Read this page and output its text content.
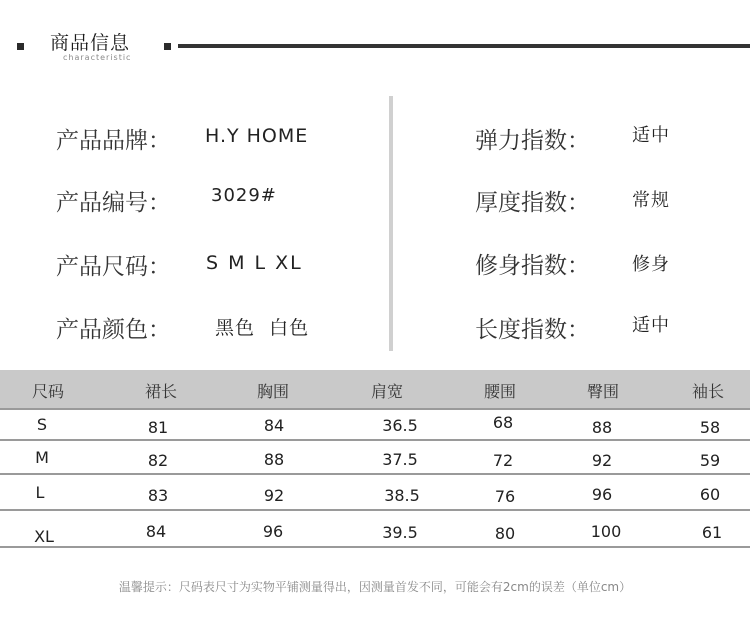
商品信息
characteristic
产品品牌： H.Y HOME
产品编号： 3029#
产品尺码： S M L XL
产品颜色： 黑色  白色
弹力指数： 适中
厚度指数： 常规
修身指数： 修身
长度指数： 适中
尺码	裙长	胸围	肩宽	腰围	臀围	袖长
S	81	84	36.5	68	88	58
M	82	88	37.5	72	92	59
L	83	92	38.5	76	96	60
XL	84	96	39.5	80	100	61
温馨提示：尺码表尺寸为实物平铺测量得出，因测量首发不同，可能会有2cm的误差（单位cm）
